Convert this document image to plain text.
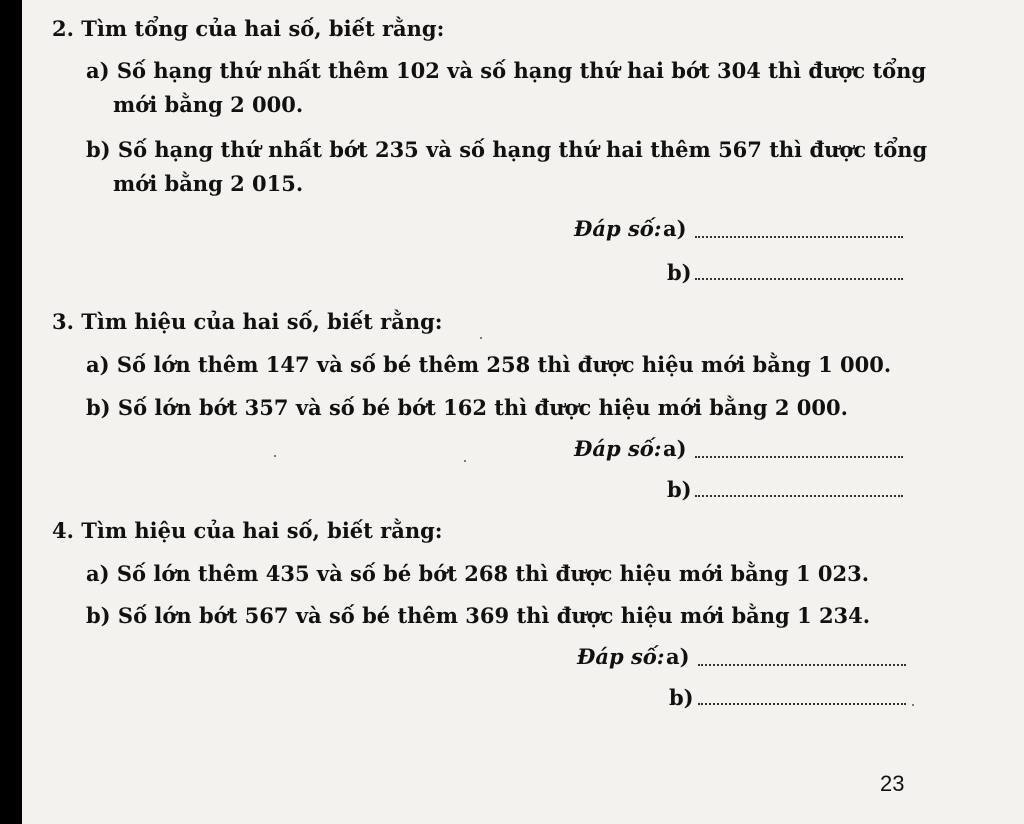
2. Tìm tổng của hai số, biết rằng:
a) Số hạng thứ nhất thêm 102 và số hạng thứ hai bớt 304 thì được tổng
mới bằng 2 000.
b) Số hạng thứ nhất bớt 235 và số hạng thứ hai thêm 567 thì được tổng
mới bằng 2 015.
Đáp số: a)
b)
3. Tìm hiệu của hai số, biết rằng:
a) Số lớn thêm 147 và số bé thêm 258 thì được hiệu mới bằng 1 000.
b) Số lớn bớt 357 và số bé bớt 162 thì được hiệu mới bằng 2 000.
Đáp số: a)
b)
4. Tìm hiệu của hai số, biết rằng:
a) Số lớn thêm 435 và số bé bớt 268 thì được hiệu mới bằng 1 023.
b) Số lớn bớt 567 và số bé thêm 369 thì được hiệu mới bằng 1 234.
Đáp số: a)
b)
23
